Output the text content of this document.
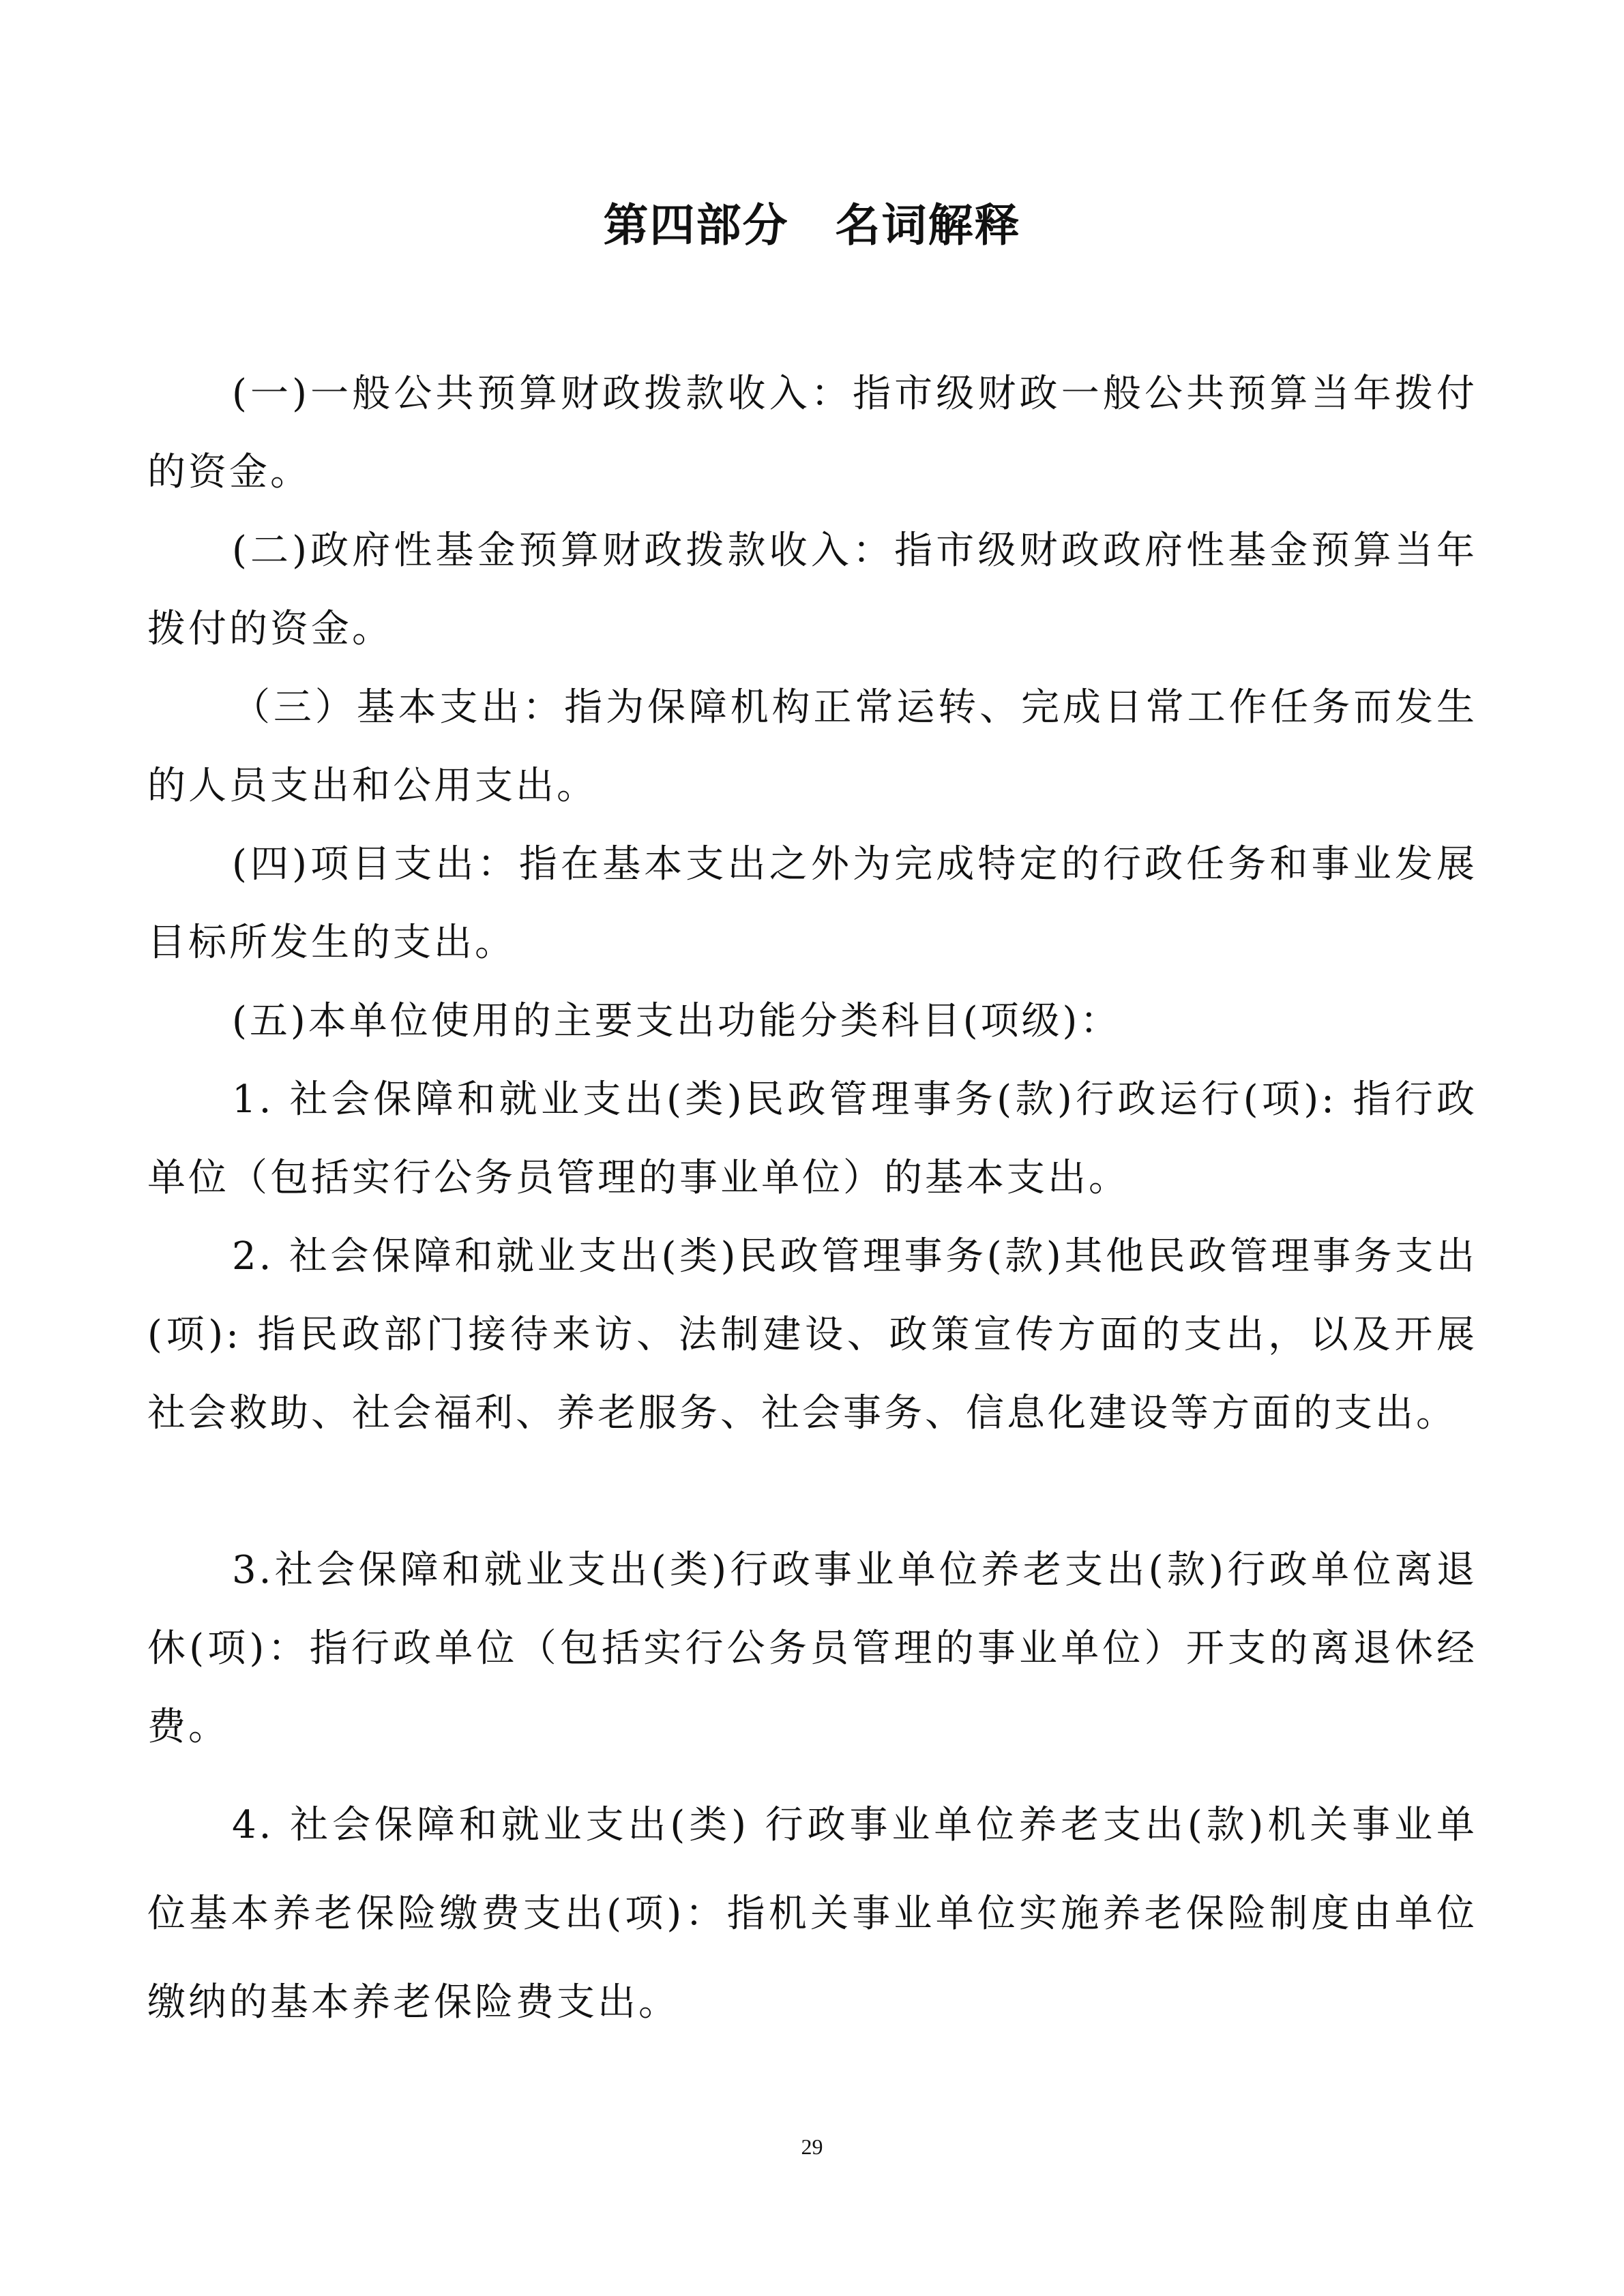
第四部分　名词解释

(一)一般公共预算财政拨款收入：指市级财政一般公共预算当年拨付的资金。

(二)政府性基金预算财政拨款收入：指市级财政政府性基金预算当年拨付的资金。

（三）基本支出：指为保障机构正常运转、完成日常工作任务而发生的人员支出和公用支出。

(四)项目支出：指在基本支出之外为完成特定的行政任务和事业发展目标所发生的支出。

(五)本单位使用的主要支出功能分类科目(项级)：

1. 社会保障和就业支出(类)民政管理事务(款)行政运行(项): 指行政单位（包括实行公务员管理的事业单位）的基本支出。

2. 社会保障和就业支出(类)民政管理事务(款)其他民政管理事务支出(项): 指民政部门接待来访、法制建设、政策宣传方面的支出，以及开展社会救助、社会福利、养老服务、社会事务、信息化建设等方面的支出。

3.社会保障和就业支出(类)行政事业单位养老支出(款)行政单位离退休(项)：指行政单位（包括实行公务员管理的事业单位）开支的离退休经费。

4. 社会保障和就业支出(类) 行政事业单位养老支出(款)机关事业单位基本养老保险缴费支出(项)：指机关事业单位实施养老保险制度由单位缴纳的基本养老保险费支出。

29
